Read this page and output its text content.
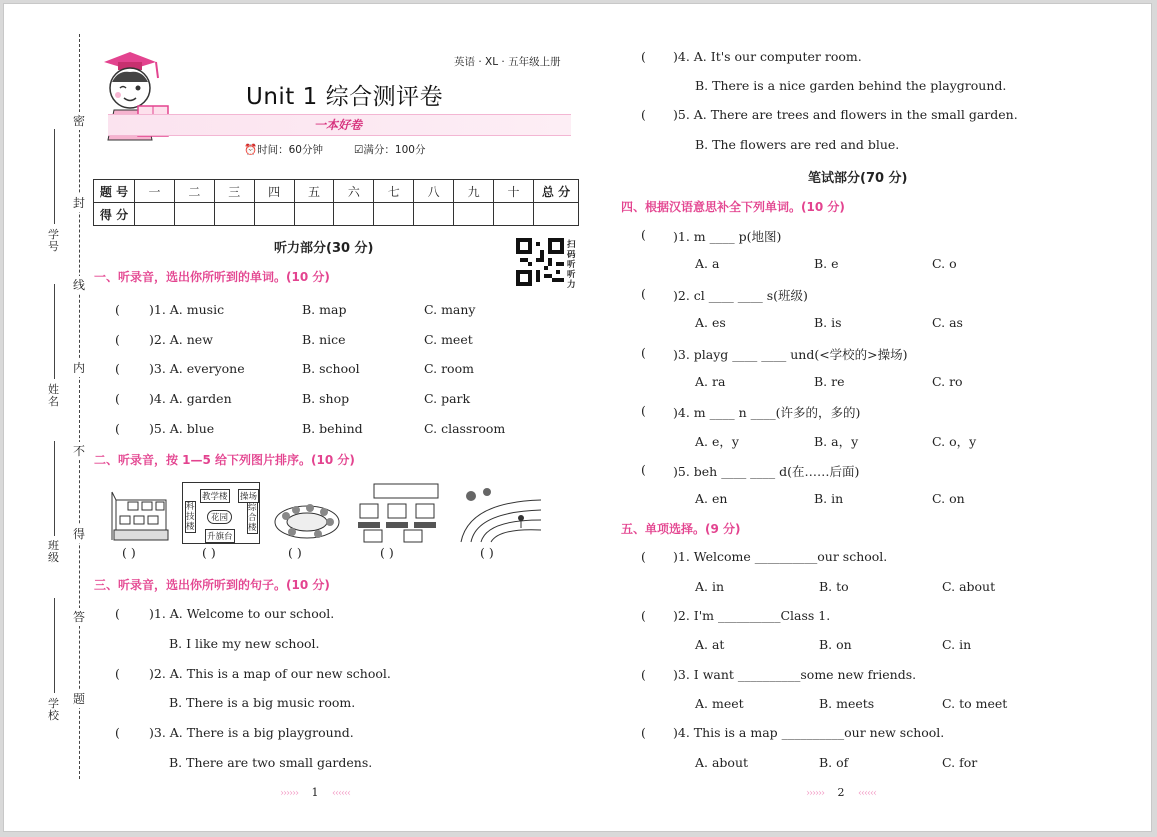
密
封
线
内
不
得
答
题
学号
姓名
班级
学校
英语 · XL · 五年级上册
Unit 1 综合测评卷
一本好卷
⏰时间：60分钟	☑满分：100分
题 号	一	二	三	四	五	六	七	八	九	十	总 分
得 分											
听力部分(30 分)	扫码听听力
一、听录音，选出你所听到的单词。(10 分)
( )1. A. music	B. map	C. many
( )2. A. new	B. nice	C. meet
( )3. A. everyone	B. school	C. room
( )4. A. garden	B. shop	C. park
( )5. A. blue	B. behind	C. classroom
二、听录音，按 1—5 给下列图片排序。(10 分)
教学楼 操场
科技楼
花园
综合楼
升旗台
( )	( )	( )	( )	( )
三、听录音，选出你所听到的句子。(10 分)
( )1. A. Welcome to our school.
B. I like my new school.
( )2. A. This is a map of our new school.
B. There is a big music room.
( )3. A. There is a big playground.
B. There are two small gardens.
›››››› 1 ‹‹‹‹‹‹
( )4. A. It's our computer room.
B. There is a nice garden behind the playground.
( )5. A. There are trees and flowers in the small garden.
B. The flowers are red and blue.
笔试部分(70 分)
四、根据汉语意思补全下列单词。(10 分)
( )1. m ____ p(地图)
A. a	B. e	C. o
( )2. cl ____ ____ s(班级)
A. es	B. is	C. as
( )3. playg ____ ____ und(<学校的>操场)
A. ra	B. re	C. ro
( )4. m ____ n ____(许多的，多的)
A. e，y	B. a，y	C. o，y
( )5. beh ____ ____ d(在……后面)
A. en	B. in	C. on
五、单项选择。(9 分)
( )1. Welcome __________our school.
A. in	B. to	C. about
( )2. I'm __________Class 1.
A. at	B. on	C. in
( )3. I want __________some new friends.
A. meet	B. meets	C. to meet
( )4. This is a map __________our new school.
A. about	B. of	C. for
›››››› 2 ‹‹‹‹‹‹
